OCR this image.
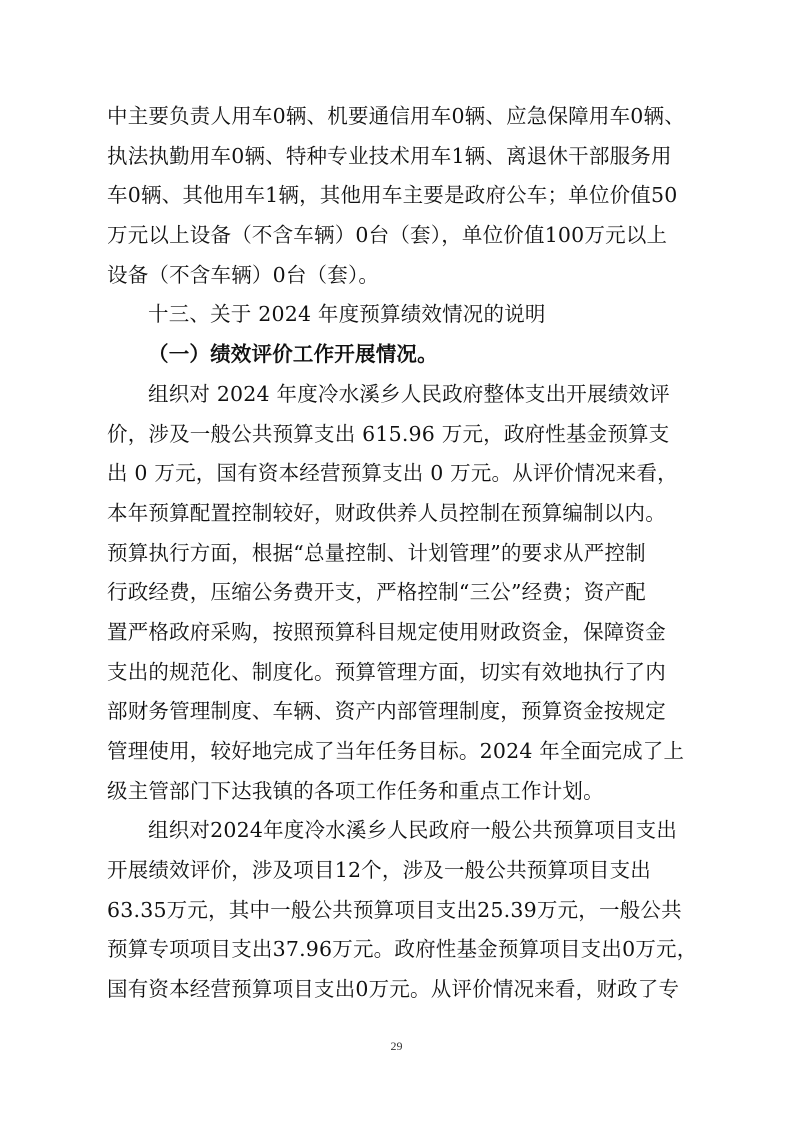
中主要负责人用车0辆、机要通信用车0辆、应急保障用车0辆、
执法执勤用车0辆、特种专业技术用车1辆、离退休干部服务用
车0辆、其他用车1辆，其他用车主要是政府公车；单位价值50
万元以上设备（不含车辆）0台（套），单位价值100万元以上
设备（不含车辆）0台（套）。
十三、关于 2024 年度预算绩效情况的说明
（一）绩效评价工作开展情况。
组织对 2024 年度冷水溪乡人民政府整体支出开展绩效评
价，涉及一般公共预算支出 615.96 万元，政府性基金预算支
出 0 万元，国有资本经营预算支出 0 万元。从评价情况来看，
本年预算配置控制较好，财政供养人员控制在预算编制以内。
预算执行方面，根据“总量控制、计划管理”的要求从严控制
行政经费，压缩公务费开支，严格控制“三公”经费；资产配
置严格政府采购，按照预算科目规定使用财政资金，保障资金
支出的规范化、制度化。预算管理方面，切实有效地执行了内
部财务管理制度、车辆、资产内部管理制度，预算资金按规定
管理使用，较好地完成了当年任务目标。2024 年全面完成了上
级主管部门下达我镇的各项工作任务和重点工作计划。
组织对2024年度冷水溪乡人民政府一般公共预算项目支出
开展绩效评价，涉及项目12个，涉及一般公共预算项目支出
63.35万元，其中一般公共预算项目支出25.39万元，一般公共
预算专项项目支出37.96万元。政府性基金预算项目支出0万元，
国有资本经营预算项目支出0万元。从评价情况来看，财政了专
29
